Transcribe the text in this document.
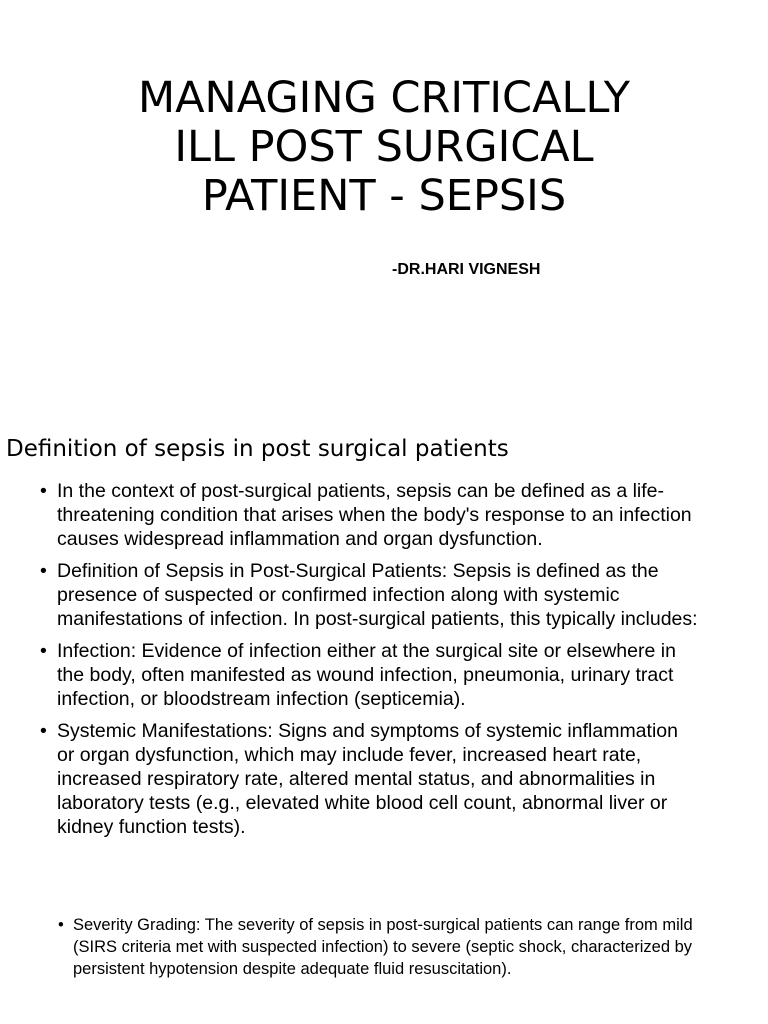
MANAGING CRITICALLY
ILL POST SURGICAL
PATIENT - SEPSIS
-DR.HARI VIGNESH
Definition of sepsis in post surgical patients
• In the context of post-surgical patients, sepsis can be defined as a life-threatening condition that arises when the body's response to an infection causes widespread inflammation and organ dysfunction.
• Definition of Sepsis in Post-Surgical Patients: Sepsis is defined as the presence of suspected or confirmed infection along with systemic manifestations of infection. In post-surgical patients, this typically includes:
• Infection: Evidence of infection either at the surgical site or elsewhere in the body, often manifested as wound infection, pneumonia, urinary tract infection, or bloodstream infection (septicemia).
• Systemic Manifestations: Signs and symptoms of systemic inflammation or organ dysfunction, which may include fever, increased heart rate, increased respiratory rate, altered mental status, and abnormalities in laboratory tests (e.g., elevated white blood cell count, abnormal liver or kidney function tests).
• Severity Grading: The severity of sepsis in post-surgical patients can range from mild (SIRS criteria met with suspected infection) to severe (septic shock, characterized by persistent hypotension despite adequate fluid resuscitation).
